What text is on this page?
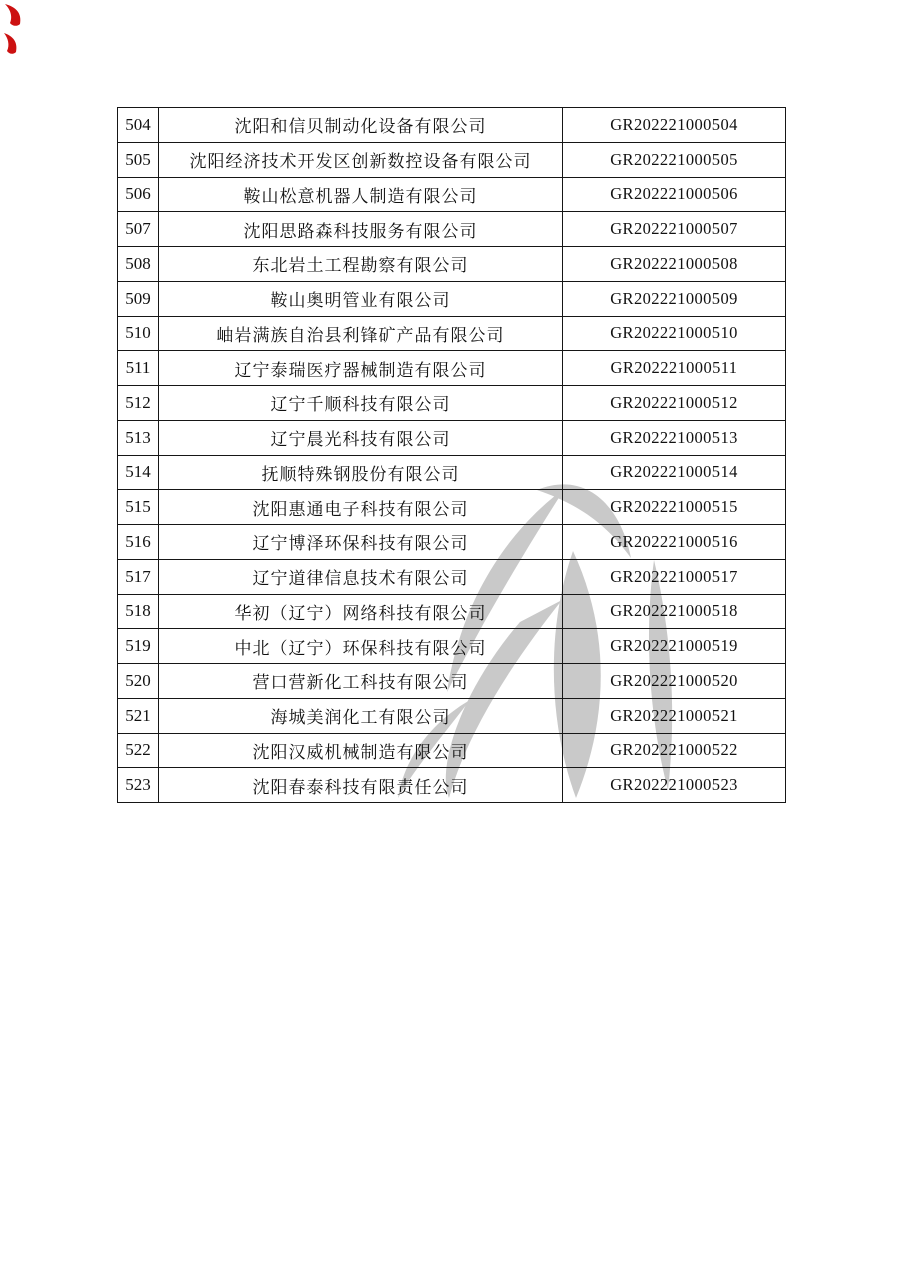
504	沈阳和信贝制动化设备有限公司	GR202221000504
505	沈阳经济技术开发区创新数控设备有限公司	GR202221000505
506	鞍山松意机器人制造有限公司	GR202221000506
507	沈阳思路森科技服务有限公司	GR202221000507
508	东北岩土工程勘察有限公司	GR202221000508
509	鞍山奥明管业有限公司	GR202221000509
510	岫岩满族自治县利锋矿产品有限公司	GR202221000510
511	辽宁泰瑞医疗器械制造有限公司	GR202221000511
512	辽宁千顺科技有限公司	GR202221000512
513	辽宁晨光科技有限公司	GR202221000513
514	抚顺特殊钢股份有限公司	GR202221000514
515	沈阳惠通电子科技有限公司	GR202221000515
516	辽宁博泽环保科技有限公司	GR202221000516
517	辽宁道律信息技术有限公司	GR202221000517
518	华初（辽宁）网络科技有限公司	GR202221000518
519	中北（辽宁）环保科技有限公司	GR202221000519
520	营口营新化工科技有限公司	GR202221000520
521	海城美润化工有限公司	GR202221000521
522	沈阳汉威机械制造有限公司	GR202221000522
523	沈阳春泰科技有限责任公司	GR202221000523
